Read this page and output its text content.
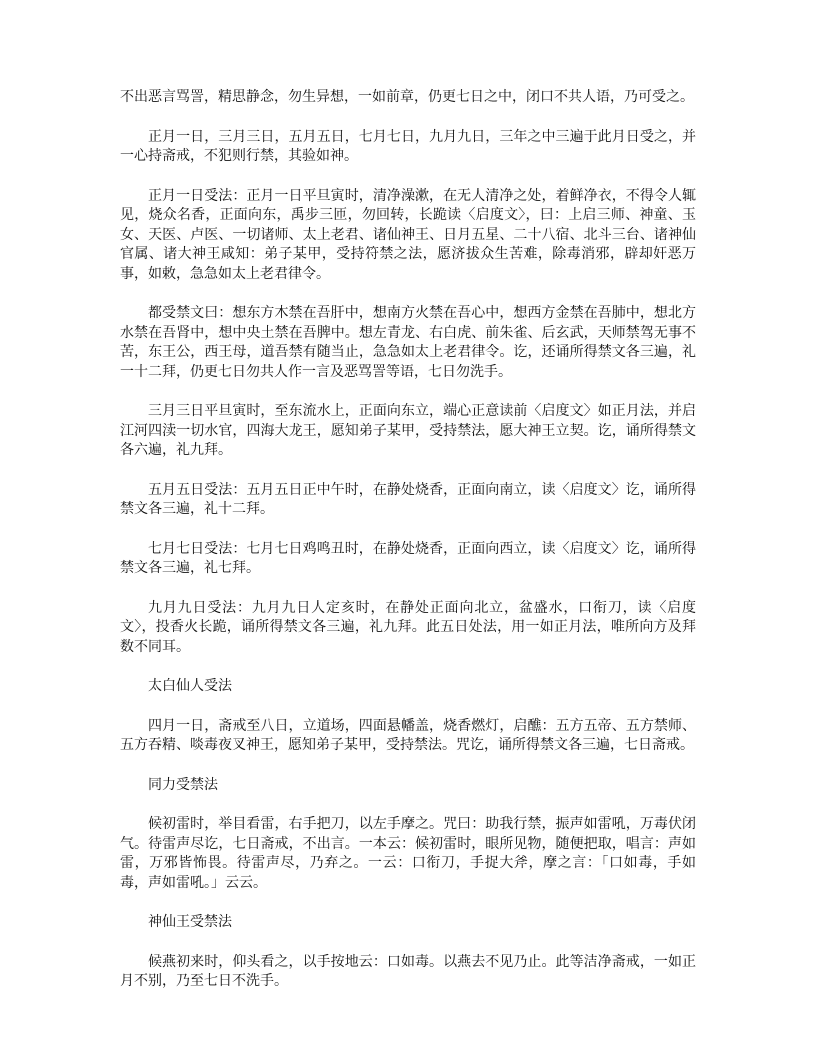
不出恶言骂詈，精思静念，勿生异想，一如前章，仍更七日之中，闭口不共人语，乃可受之。

正月一日，三月三日，五月五日，七月七日，九月九日，三年之中三遍于此月日受之，并一心持斋戒，不犯则行禁，其验如神。

正月一日受法：正月一日平旦寅时，清净澡漱，在无人清净之处，着鲜净衣，不得令人辄见，烧众名香，正面向东，禹步三匝，勿回转，长跪读〈启度文〉，曰：上启三师、神童、玉女、天医、卢医、一切诸师、太上老君、诸仙神王、日月五星、二十八宿、北斗三台、诸神仙官属、诸大神王咸知：弟子某甲，受持符禁之法，愿济拔众生苦难，除毒消邪，辟却奸恶万事，如敕，急急如太上老君律令。

都受禁文曰：想东方木禁在吾肝中，想南方火禁在吾心中，想西方金禁在吾肺中，想北方水禁在吾肾中，想中央土禁在吾脾中。想左青龙、右白虎、前朱雀、后玄武，天师禁驾无事不苦，东王公，西王母，道吾禁有随当止，急急如太上老君律令。讫，还诵所得禁文各三遍，礼一十二拜，仍更七日勿共人作一言及恶骂詈等语，七日勿洗手。

三月三日平旦寅时，至东流水上，正面向东立，端心正意读前〈启度文〉如正月法，并启江河四渎一切水官，四海大龙王，愿知弟子某甲，受持禁法，愿大神王立契。讫，诵所得禁文各六遍，礼九拜。

五月五日受法：五月五日正中午时，在静处烧香，正面向南立，读〈启度文〉讫，诵所得禁文各三遍，礼十二拜。

七月七日受法：七月七日鸡鸣丑时，在静处烧香，正面向西立，读〈启度文〉讫，诵所得禁文各三遍，礼七拜。

九月九日受法：九月九日人定亥时，在静处正面向北立，盆盛水，口衔刀，读〈启度文〉，投香火长跪，诵所得禁文各三遍，礼九拜。此五日处法，用一如正月法，唯所向方及拜数不同耳。

太白仙人受法

四月一日，斋戒至八日，立道场，四面悬幡盖，烧香燃灯，启醮：五方五帝、五方禁师、五方吞精、啖毒夜叉神王，愿知弟子某甲，受持禁法。咒讫，诵所得禁文各三遍，七日斋戒。

同力受禁法

候初雷时，举目看雷，右手把刀，以左手摩之。咒曰：助我行禁，振声如雷吼，万毒伏闭气。待雷声尽讫，七日斋戒，不出言。一本云：候初雷时，眼所见物，随便把取，唱言：声如雷，万邪皆怖畏。待雷声尽，乃弃之。一云：口衔刀，手捉大斧，摩之言：「口如毒，手如毒，声如雷吼。」云云。

神仙王受禁法

候燕初来时，仰头看之，以手按地云：口如毒。以燕去不见乃止。此等洁净斋戒，一如正月不别，乃至七日不洗手。
